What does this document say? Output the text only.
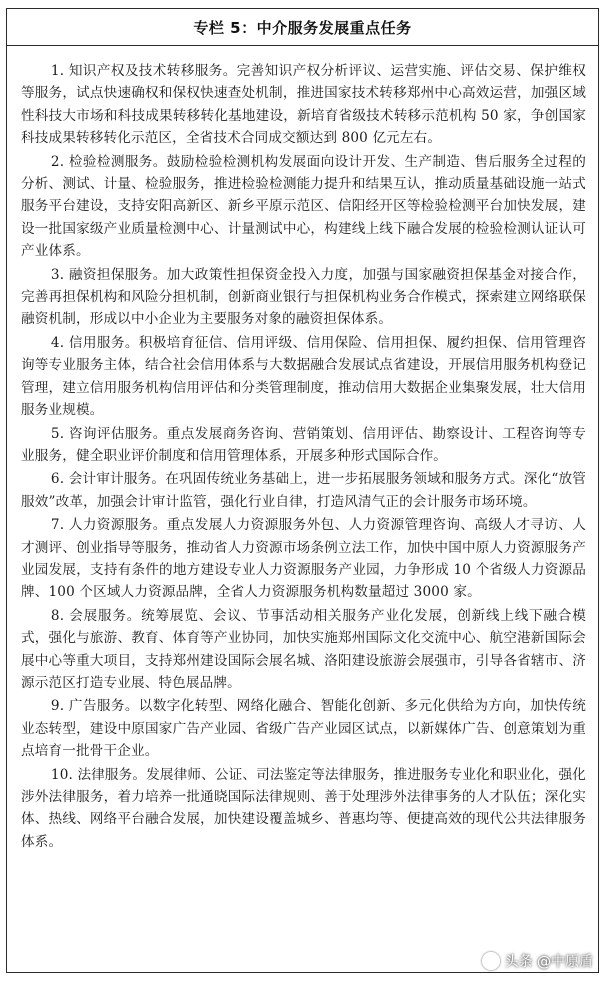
专栏 5：中介服务发展重点任务

1. 知识产权及技术转移服务。完善知识产权分析评议、运营实施、评估交易、保护维权等服务，试点快速确权和保权快速查处机制，推进国家技术转移郑州中心高效运营，加强区域性科技大市场和科技成果转移转化基地建设，新培育省级技术转移示范机构 50 家，争创国家科技成果转移转化示范区，全省技术合同成交额达到 800 亿元左右。

2. 检验检测服务。鼓励检验检测机构发展面向设计开发、生产制造、售后服务全过程的分析、测试、计量、检验服务，推进检验检测能力提升和结果互认，推动质量基础设施一站式服务平台建设，支持安阳高新区、新乡平原示范区、信阳经开区等检验检测平台加快发展，建设一批国家级产业质量检测中心、计量测试中心，构建线上线下融合发展的检验检测认证认可产业体系。

3. 融资担保服务。加大政策性担保资金投入力度，加强与国家融资担保基金对接合作，完善再担保机构和风险分担机制，创新商业银行与担保机构业务合作模式，探索建立网络联保融资机制，形成以中小企业为主要服务对象的融资担保体系。

4. 信用服务。积极培育征信、信用评级、信用保险、信用担保、履约担保、信用管理咨询等专业服务主体，结合社会信用体系与大数据融合发展试点省建设，开展信用服务机构登记管理，建立信用服务机构信用评估和分类管理制度，推动信用大数据企业集聚发展，壮大信用服务业规模。

5. 咨询评估服务。重点发展商务咨询、营销策划、信用评估、勘察设计、工程咨询等专业服务，健全职业评价制度和信用管理体系，开展多种形式国际合作。

6. 会计审计服务。在巩固传统业务基础上，进一步拓展服务领域和服务方式。深化“放管服效”改革，加强会计审计监管，强化行业自律，打造风清气正的会计服务市场环境。

7. 人力资源服务。重点发展人力资源服务外包、人力资源管理咨询、高级人才寻访、人才测评、创业指导等服务，推动省人力资源市场条例立法工作，加快中国中原人力资源服务产业园发展，支持有条件的地方建设专业人力资源服务产业园，力争形成 10 个省级人力资源品牌、100 个区域人力资源品牌，全省人力资源服务机构数量超过 3000 家。

8. 会展服务。统筹展览、会议、节事活动相关服务产业化发展，创新线上线下融合模式，强化与旅游、教育、体育等产业协同，加快实施郑州国际文化交流中心、航空港新国际会展中心等重大项目，支持郑州建设国际会展名城、洛阳建设旅游会展强市，引导各省辖市、济源示范区打造专业展、特色展品牌。

9. 广告服务。以数字化转型、网络化融合、智能化创新、多元化供给为方向，加快传统业态转型，建设中原国家广告产业园、省级广告产业园区试点，以新媒体广告、创意策划为重点培育一批骨干企业。

10. 法律服务。发展律师、公证、司法鉴定等法律服务，推进服务专业化和职业化，强化涉外法律服务，着力培养一批通晓国际法律规则、善于处理涉外法律事务的人才队伍；深化实体、热线、网络平台融合发展，加快建设覆盖城乡、普惠均等、便捷高效的现代公共法律服务体系。

头条 @中原盾
